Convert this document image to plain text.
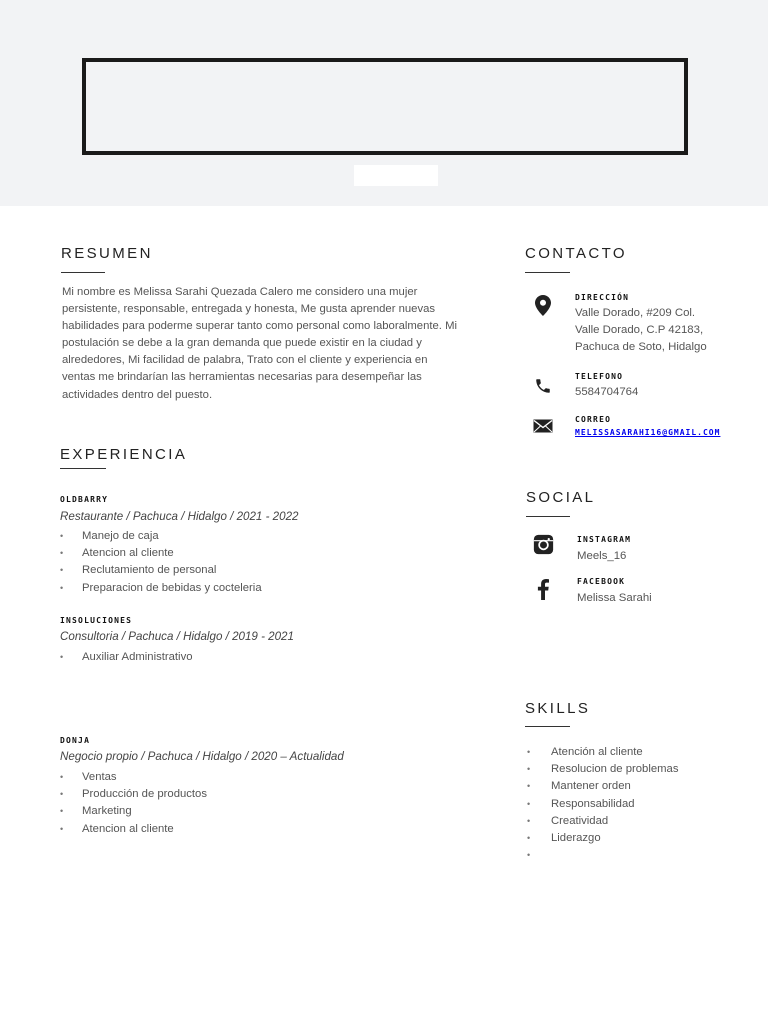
RESUMEN

Mi nombre es Melissa Sarahi Quezada Calero me considero una mujer persistente, responsable, entregada y honesta, Me gusta aprender nuevas habilidades para poderme superar tanto como personal como laboralmente. Mi postulación se debe a la gran demanda que puede existir en la ciudad y alrededores, Mi facilidad de palabra, Trato con el cliente y experiencia en ventas me brindarían las herramientas necesarias para desempeñar las actividades dentro del puesto.

EXPERIENCIA
OLDBARRY
Restaurante / Pachuca / Hidalgo / 2021 - 2022
• Manejo de caja
• Atencion al cliente
• Reclutamiento de personal
• Preparacion de bebidas y cocteleria
INSOLUCIONES
Consultoria / Pachuca / Hidalgo / 2019 - 2021
• Auxiliar Administrativo
DONJA
Negocio propio / Pachuca / Hidalgo / 2020 – Actualidad
• Ventas
• Producción de productos
• Marketing
• Atencion al cliente
CONTACTO
DIRECCIÓN
Valle Dorado, #209 Col.
Valle Dorado, C.P 42183,
Pachuca de Soto, Hidalgo
TELEFONO
5584704764
CORREO
MELISSASARAHI16@GMAIL.COM
SOCIAL
INSTAGRAM
Meels_16
FACEBOOK
Melissa Sarahi
SKILLS
• Atención al cliente
• Resolucion de problemas
• Mantener orden
• Responsabilidad
• Creatividad
• Liderazgo
•
